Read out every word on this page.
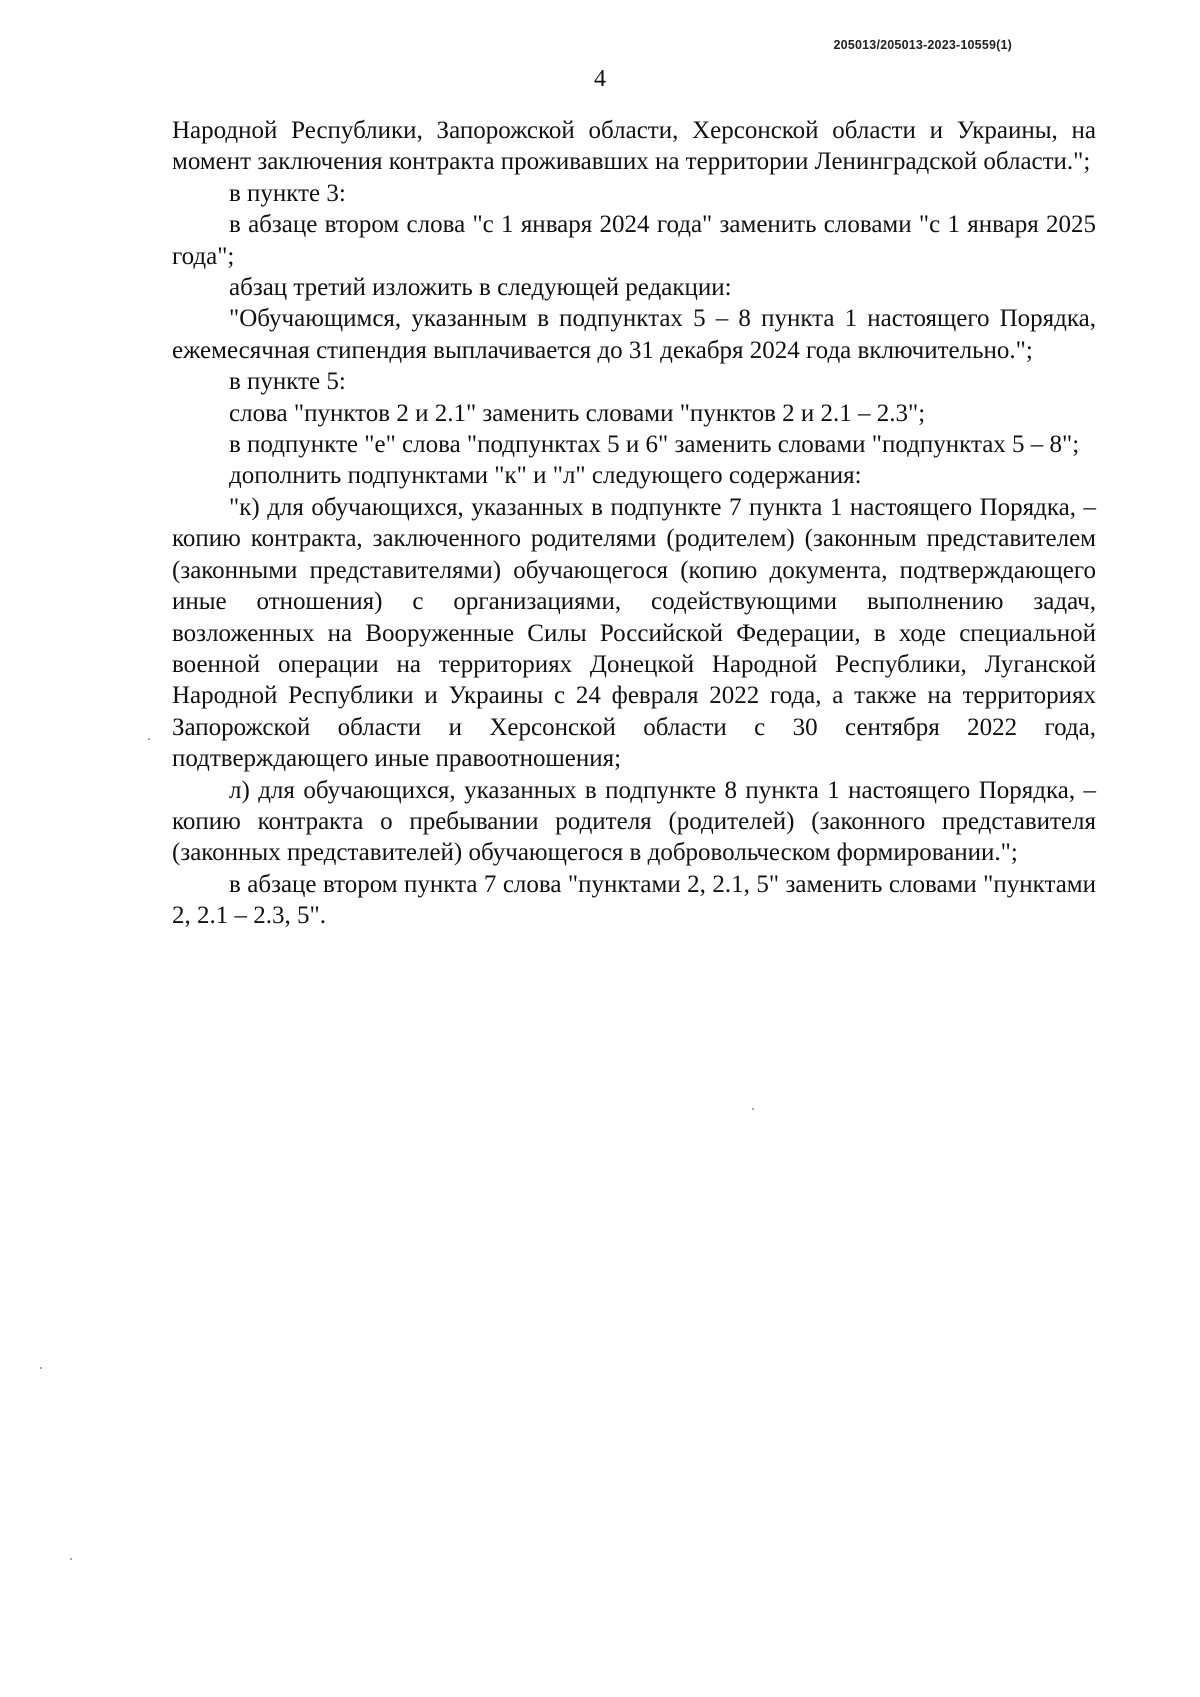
205013/205013-2023-10559(1)
4

Народной Республики, Запорожской области, Херсонской области и Украины, на момент заключения контракта проживавших на территории Ленинградской области.";

в пункте 3:

в абзаце втором слова "с 1 января 2024 года" заменить словами "с 1 января 2025 года";

абзац третий изложить в следующей редакции:

"Обучающимся, указанным в подпунктах 5 – 8 пункта 1 настоящего Порядка, ежемесячная стипендия выплачивается до 31 декабря 2024 года включительно.";

в пункте 5:

слова "пунктов 2 и 2.1" заменить словами "пунктов 2 и 2.1 – 2.3";

в подпункте "е" слова "подпунктах 5 и 6" заменить словами "подпунктах 5 – 8";

дополнить подпунктами "к" и "л" следующего содержания:

"к) для обучающихся, указанных в подпункте 7 пункта 1 настоящего Порядка, – копию контракта, заключенного родителями (родителем) (законным представителем (законными представителями) обучающегося (копию документа, подтверждающего иные отношения) с организациями, содействующими выполнению задач, возложенных на Вооруженные Силы Российской Федерации, в ходе специальной военной операции на территориях Донецкой Народной Республики, Луганской Народной Республики и Украины с 24 февраля 2022 года, а также на территориях Запорожской области и Херсонской области с 30 сентября 2022 года, подтверждающего иные правоотношения;

л) для обучающихся, указанных в подпункте 8 пункта 1 настоящего Порядка, – копию контракта о пребывании родителя (родителей) (законного представителя (законных представителей) обучающегося в добровольческом формировании.";

в абзаце втором пункта 7 слова "пунктами 2, 2.1, 5" заменить словами "пунктами 2, 2.1 – 2.3, 5".
